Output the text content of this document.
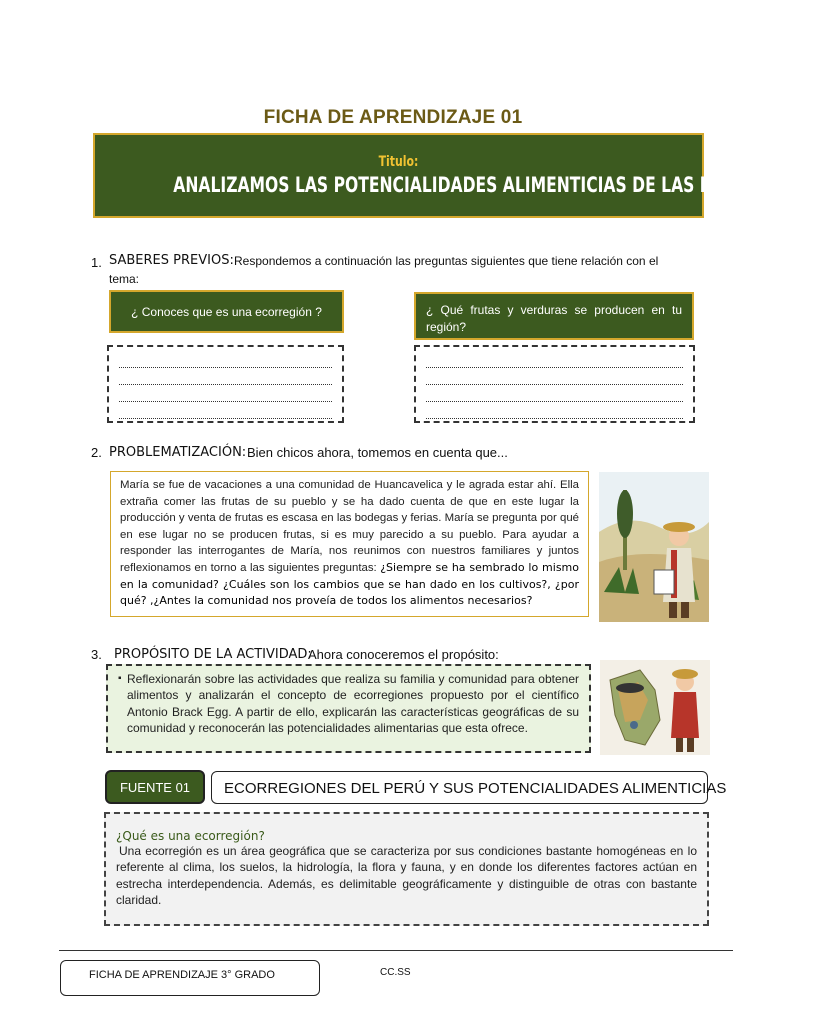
FICHA DE APRENDIZAJE 01
Titulo:
ANALIZAMOS LAS POTENCIALIDADES ALIMENTICIAS DE LAS ECORREGIONES
1. SABERES PREVIOS: Respondemos a continuación las preguntas siguientes que tiene relación con el
tema:
¿ Conoces que es una ecorregión ?	¿ Qué frutas y verduras se producen en tu región?
2. PROBLEMATIZACIÓN: Bien chicos ahora, tomemos en cuenta que...
María se fue de vacaciones a una comunidad de Huancavelica y le agrada estar ahí. Ella extraña comer las frutas de su pueblo y se ha dado cuenta de que en este lugar la producción y venta de frutas es escasa en las bodegas y ferias. María se pregunta por qué en ese lugar no se producen frutas, si es muy parecido a su pueblo. Para ayudar a responder las interrogantes de María, nos reunimos con nuestros familiares y juntos reflexionamos en torno a las siguientes preguntas: ¿Siempre se ha sembrado lo mismo en la comunidad? ¿Cuáles son los cambios que se han dado en los cultivos?, ¿por qué? ,¿Antes la comunidad nos proveía de todos los alimentos necesarios?
3. PROPÓSITO DE LA ACTIVIDAD:
Ahora conoceremos el propósito:
▪ Reflexionarán sobre las actividades que realiza su familia y comunidad para obtener alimentos y analizarán el concepto de ecorregiones propuesto por el científico Antonio Brack Egg. A partir de ello, explicarán las características geográficas de su comunidad y reconocerán las potencialidades alimentarias que esta ofrece.
FUENTE 01	ECORREGIONES DEL PERÚ Y SUS POTENCIALIDADES ALIMENTICIAS
¿Qué es una ecorregión?
Una ecorregión es un área geográfica que se caracteriza por sus condiciones bastante homogéneas en lo referente al clima, los suelos, la hidrología, la flora y fauna, y en donde los diferentes factores actúan en estrecha interdependencia. Además, es delimitable geográficamente y distinguible de otras con bastante claridad.
FICHA DE APRENDIZAJE 3° GRADO	CC.SS
